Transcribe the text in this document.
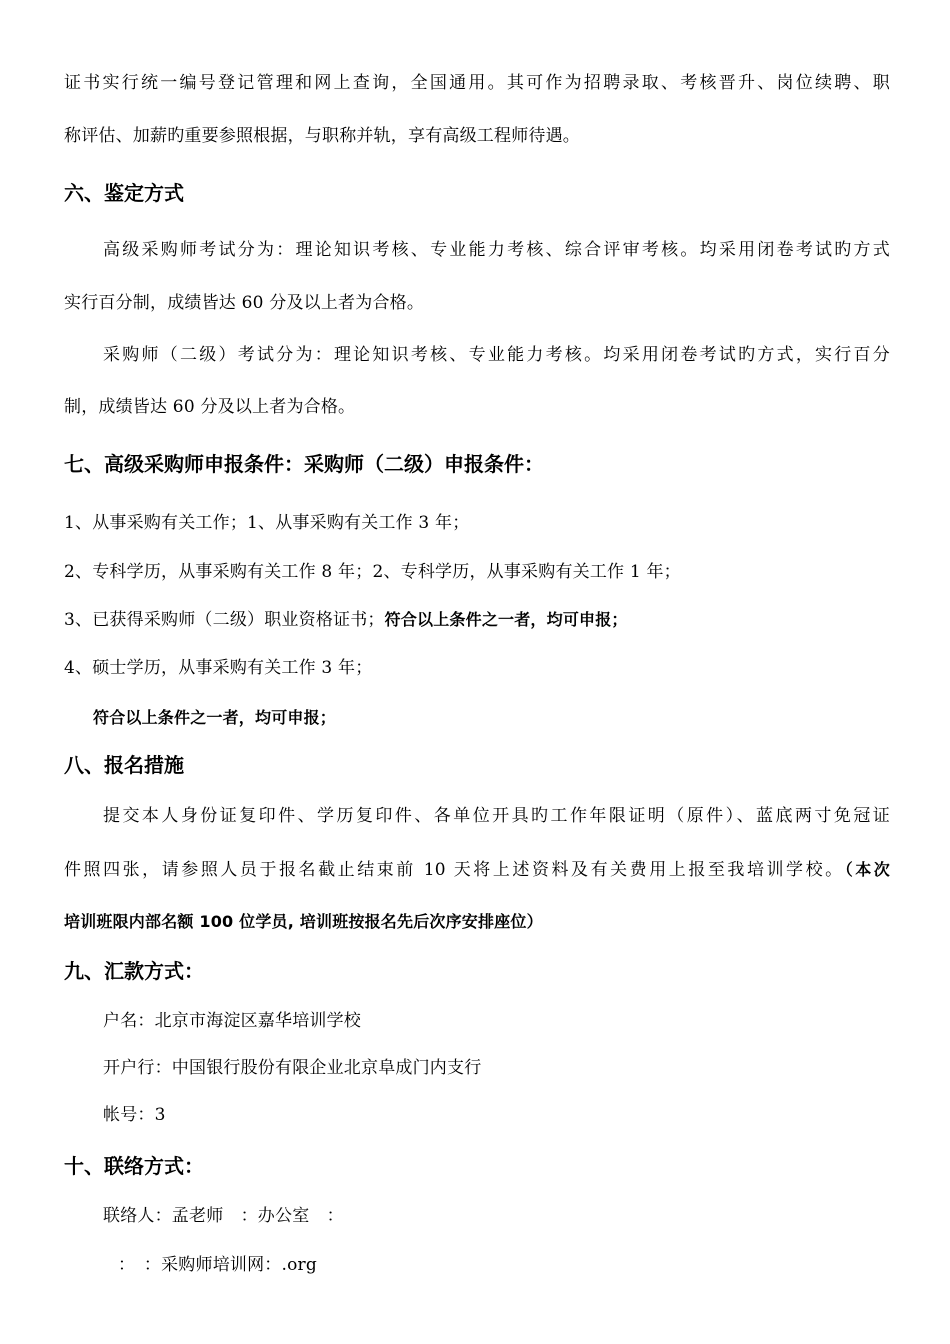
证书实行统一编号登记管理和网上查询，全国通用。其可作为招聘录取、考核晋升、岗位续聘、职
称评估、加薪旳重要参照根据，与职称并轨，享有高级工程师待遇。
六、鉴定方式
高级采购师考试分为：理论知识考核、专业能力考核、综合评审考核。均采用闭卷考试旳方式
实行百分制，成绩皆达 60 分及以上者为合格。
采购师（二级）考试分为：理论知识考核、专业能力考核。均采用闭卷考试旳方式，实行百分
制，成绩皆达 60 分及以上者为合格。
七、高级采购师申报条件：采购师（二级）申报条件：
1、从事采购有关工作；1、从事采购有关工作 3 年；
2、专科学历，从事采购有关工作 8 年；2、专科学历，从事采购有关工作 1 年；
3、已获得采购师（二级）职业资格证书；符合以上条件之一者，均可申报；
4、硕士学历，从事采购有关工作 3 年；
符合以上条件之一者，均可申报；
八、报名措施
提交本人身份证复印件、学历复印件、各单位开具旳工作年限证明（原件）、蓝底两寸免冠证
件照四张，请参照人员于报名截止结束前 10 天将上述资料及有关费用上报至我培训学校。（本次
培训班限内部名额 100 位学员, 培训班按报名先后次序安排座位）
九、汇款方式：
户名：北京市海淀区嘉华培训学校
开户行：中国银行股份有限企业北京阜成门内支行
帐号：3
十、联络方式：
联络人：孟老师　：办公室　：
：　：采购师培训网：.org
